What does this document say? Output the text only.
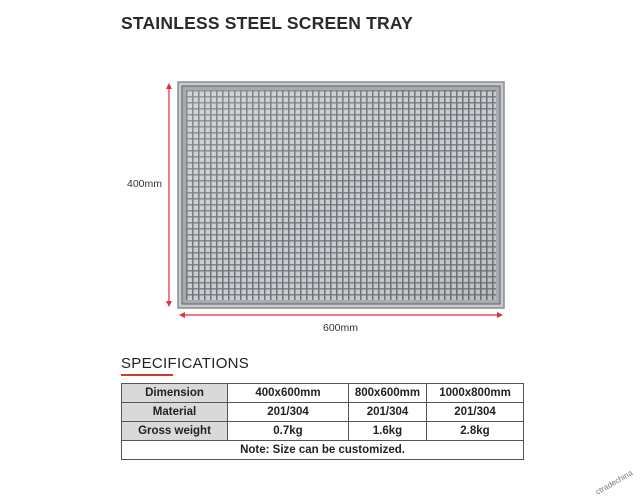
STAINLESS STEEL SCREEN TRAY
400mm
600mm
SPECIFICATIONS
Dimension	400x600mm	800x600mm	1000x800mm
Material	201/304	201/304	201/304
Gross weight	0.7kg	1.6kg	2.8kg
Note: Size can be customized.			
ctradechina
